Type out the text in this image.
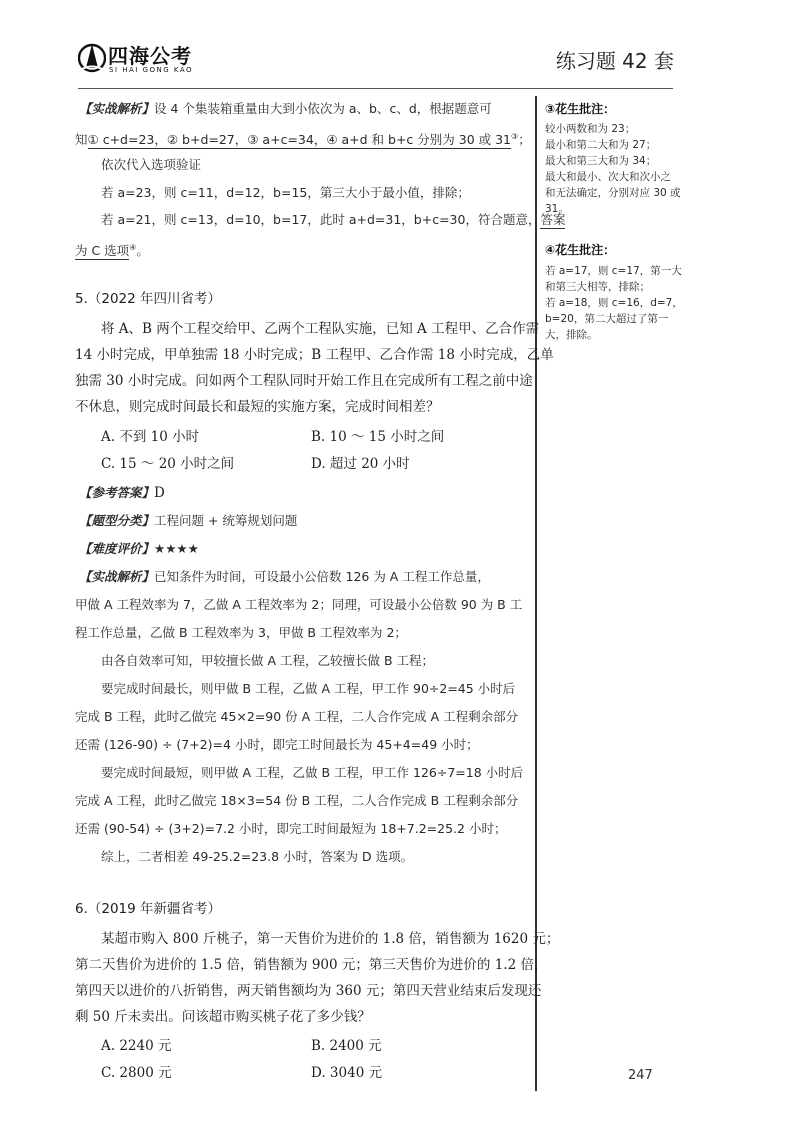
四海公考
SI HAI GONG KAO	练习题 42 套
【实战解析】设 4 个集装箱重量由大到小依次为 a、b、c、d，根据题意可
知① c+d=23，② b+d=27，③ a+c=34，④ a+d 和 b+c 分别为 30 或 31③；
依次代入选项验证
若 a=23，则 c=11，d=12，b=15，第三大小于最小值，排除；
若 a=21，则 c=13，d=10，b=17，此时 a+d=31，b+c=30，符合题意，答案
为 C 选项④。
5.（2022 年四川省考）
将 A、B 两个工程交给甲、乙两个工程队实施，已知 A 工程甲、乙合作需
14 小时完成，甲单独需 18 小时完成；B 工程甲、乙合作需 18 小时完成，乙单
独需 30 小时完成。问如两个工程队同时开始工作且在完成所有工程之前中途
不休息，则完成时间最长和最短的实施方案，完成时间相差？
A. 不到 10 小时	B. 10 ～ 15 小时之间
C. 15 ～ 20 小时之间	D. 超过 20 小时
【参考答案】D
【题型分类】工程问题 + 统筹规划问题
【难度评价】★★★★
【实战解析】已知条件为时间，可设最小公倍数 126 为 A 工程工作总量，
甲做 A 工程效率为 7，乙做 A 工程效率为 2；同理，可设最小公倍数 90 为 B 工
程工作总量，乙做 B 工程效率为 3，甲做 B 工程效率为 2；
由各自效率可知，甲较擅长做 A 工程，乙较擅长做 B 工程；
要完成时间最长，则甲做 B 工程，乙做 A 工程，甲工作 90÷2=45 小时后
完成 B 工程，此时乙做完 45×2=90 份 A 工程，二人合作完成 A 工程剩余部分
还需 (126-90) ÷ (7+2)=4 小时，即完工时间最长为 45+4=49 小时；
要完成时间最短，则甲做 A 工程，乙做 B 工程，甲工作 126÷7=18 小时后
完成 A 工程，此时乙做完 18×3=54 份 B 工程，二人合作完成 B 工程剩余部分
还需 (90-54) ÷ (3+2)=7.2 小时，即完工时间最短为 18+7.2=25.2 小时；
综上，二者相差 49-25.2=23.8 小时，答案为 D 选项。
6.（2019 年新疆省考）
某超市购入 800 斤桃子，第一天售价为进价的 1.8 倍，销售额为 1620 元；
第二天售价为进价的 1.5 倍，销售额为 900 元；第三天售价为进价的 1.2 倍，
第四天以进价的八折销售，两天销售额均为 360 元；第四天营业结束后发现还
剩 50 斤未卖出。问该超市购买桃子花了多少钱？
A. 2240 元	B. 2400 元
C. 2800 元	D. 3040 元
③花生批注：
较小两数和为 23；
最小和第二大和为 27；
最大和第三大和为 34；
最大和最小、次大和次小之
和无法确定，分别对应 30 或
31。
④花生批注：
若 a=17，则 c=17，第一大
和第三大相等，排除；
若 a=18，则 c=16，d=7，
b=20，第二大超过了第一
大，排除。
247
